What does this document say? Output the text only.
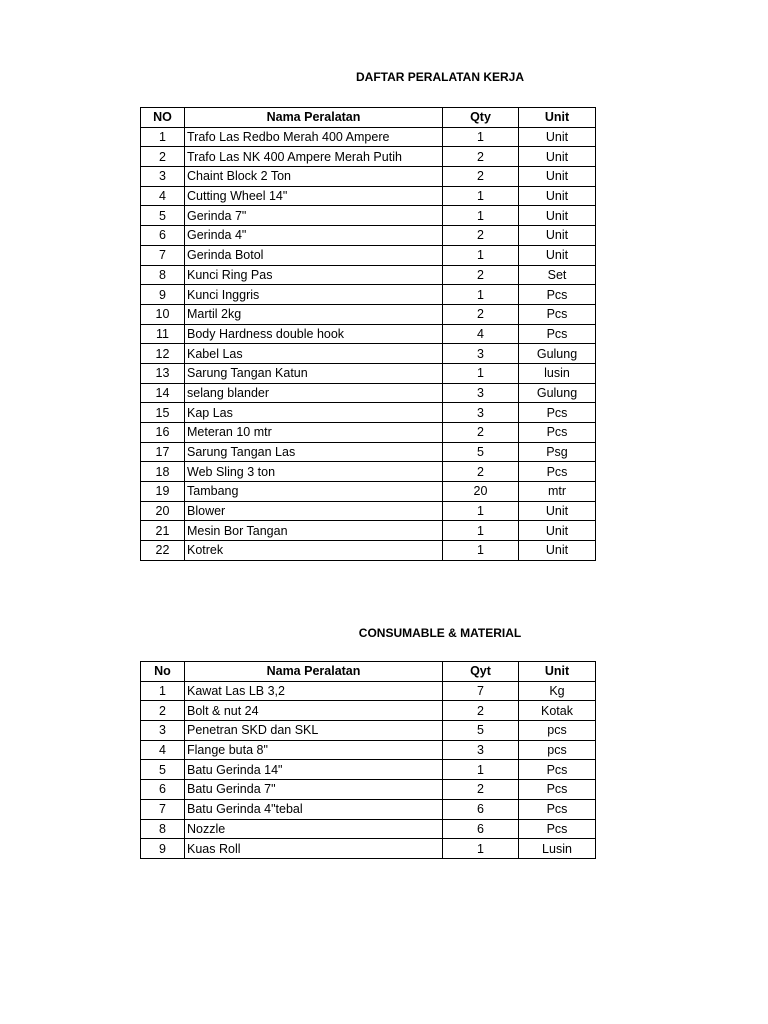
DAFTAR PERALATAN KERJA
NO	Nama Peralatan	Qty	Unit
1	Trafo Las Redbo Merah 400 Ampere	1	Unit
2	Trafo Las NK 400 Ampere Merah Putih	2	Unit
3	Chaint Block 2 Ton	2	Unit
4	Cutting Wheel 14"	1	Unit
5	Gerinda 7"	1	Unit
6	Gerinda 4"	2	Unit
7	Gerinda Botol	1	Unit
8	Kunci Ring Pas	2	Set
9	Kunci Inggris	1	Pcs
10	Martil 2kg	2	Pcs
11	Body Hardness double hook	4	Pcs
12	Kabel Las	3	Gulung
13	Sarung Tangan Katun	1	lusin
14	selang blander	3	Gulung
15	Kap Las	3	Pcs
16	Meteran 10 mtr	2	Pcs
17	Sarung Tangan Las	5	Psg
18	Web Sling 3 ton	2	Pcs
19	Tambang	20	mtr
20	Blower	1	Unit
21	Mesin Bor Tangan	1	Unit
22	Kotrek	1	Unit
CONSUMABLE & MATERIAL
No	Nama Peralatan	Qyt	Unit
1	Kawat Las LB 3,2	7	Kg
2	Bolt & nut 24	2	Kotak
3	Penetran SKD dan SKL	5	pcs
4	Flange buta 8"	3	pcs
5	Batu Gerinda 14"	1	Pcs
6	Batu Gerinda 7"	2	Pcs
7	Batu Gerinda 4"tebal	6	Pcs
8	Nozzle	6	Pcs
9	Kuas Roll	1	Lusin
